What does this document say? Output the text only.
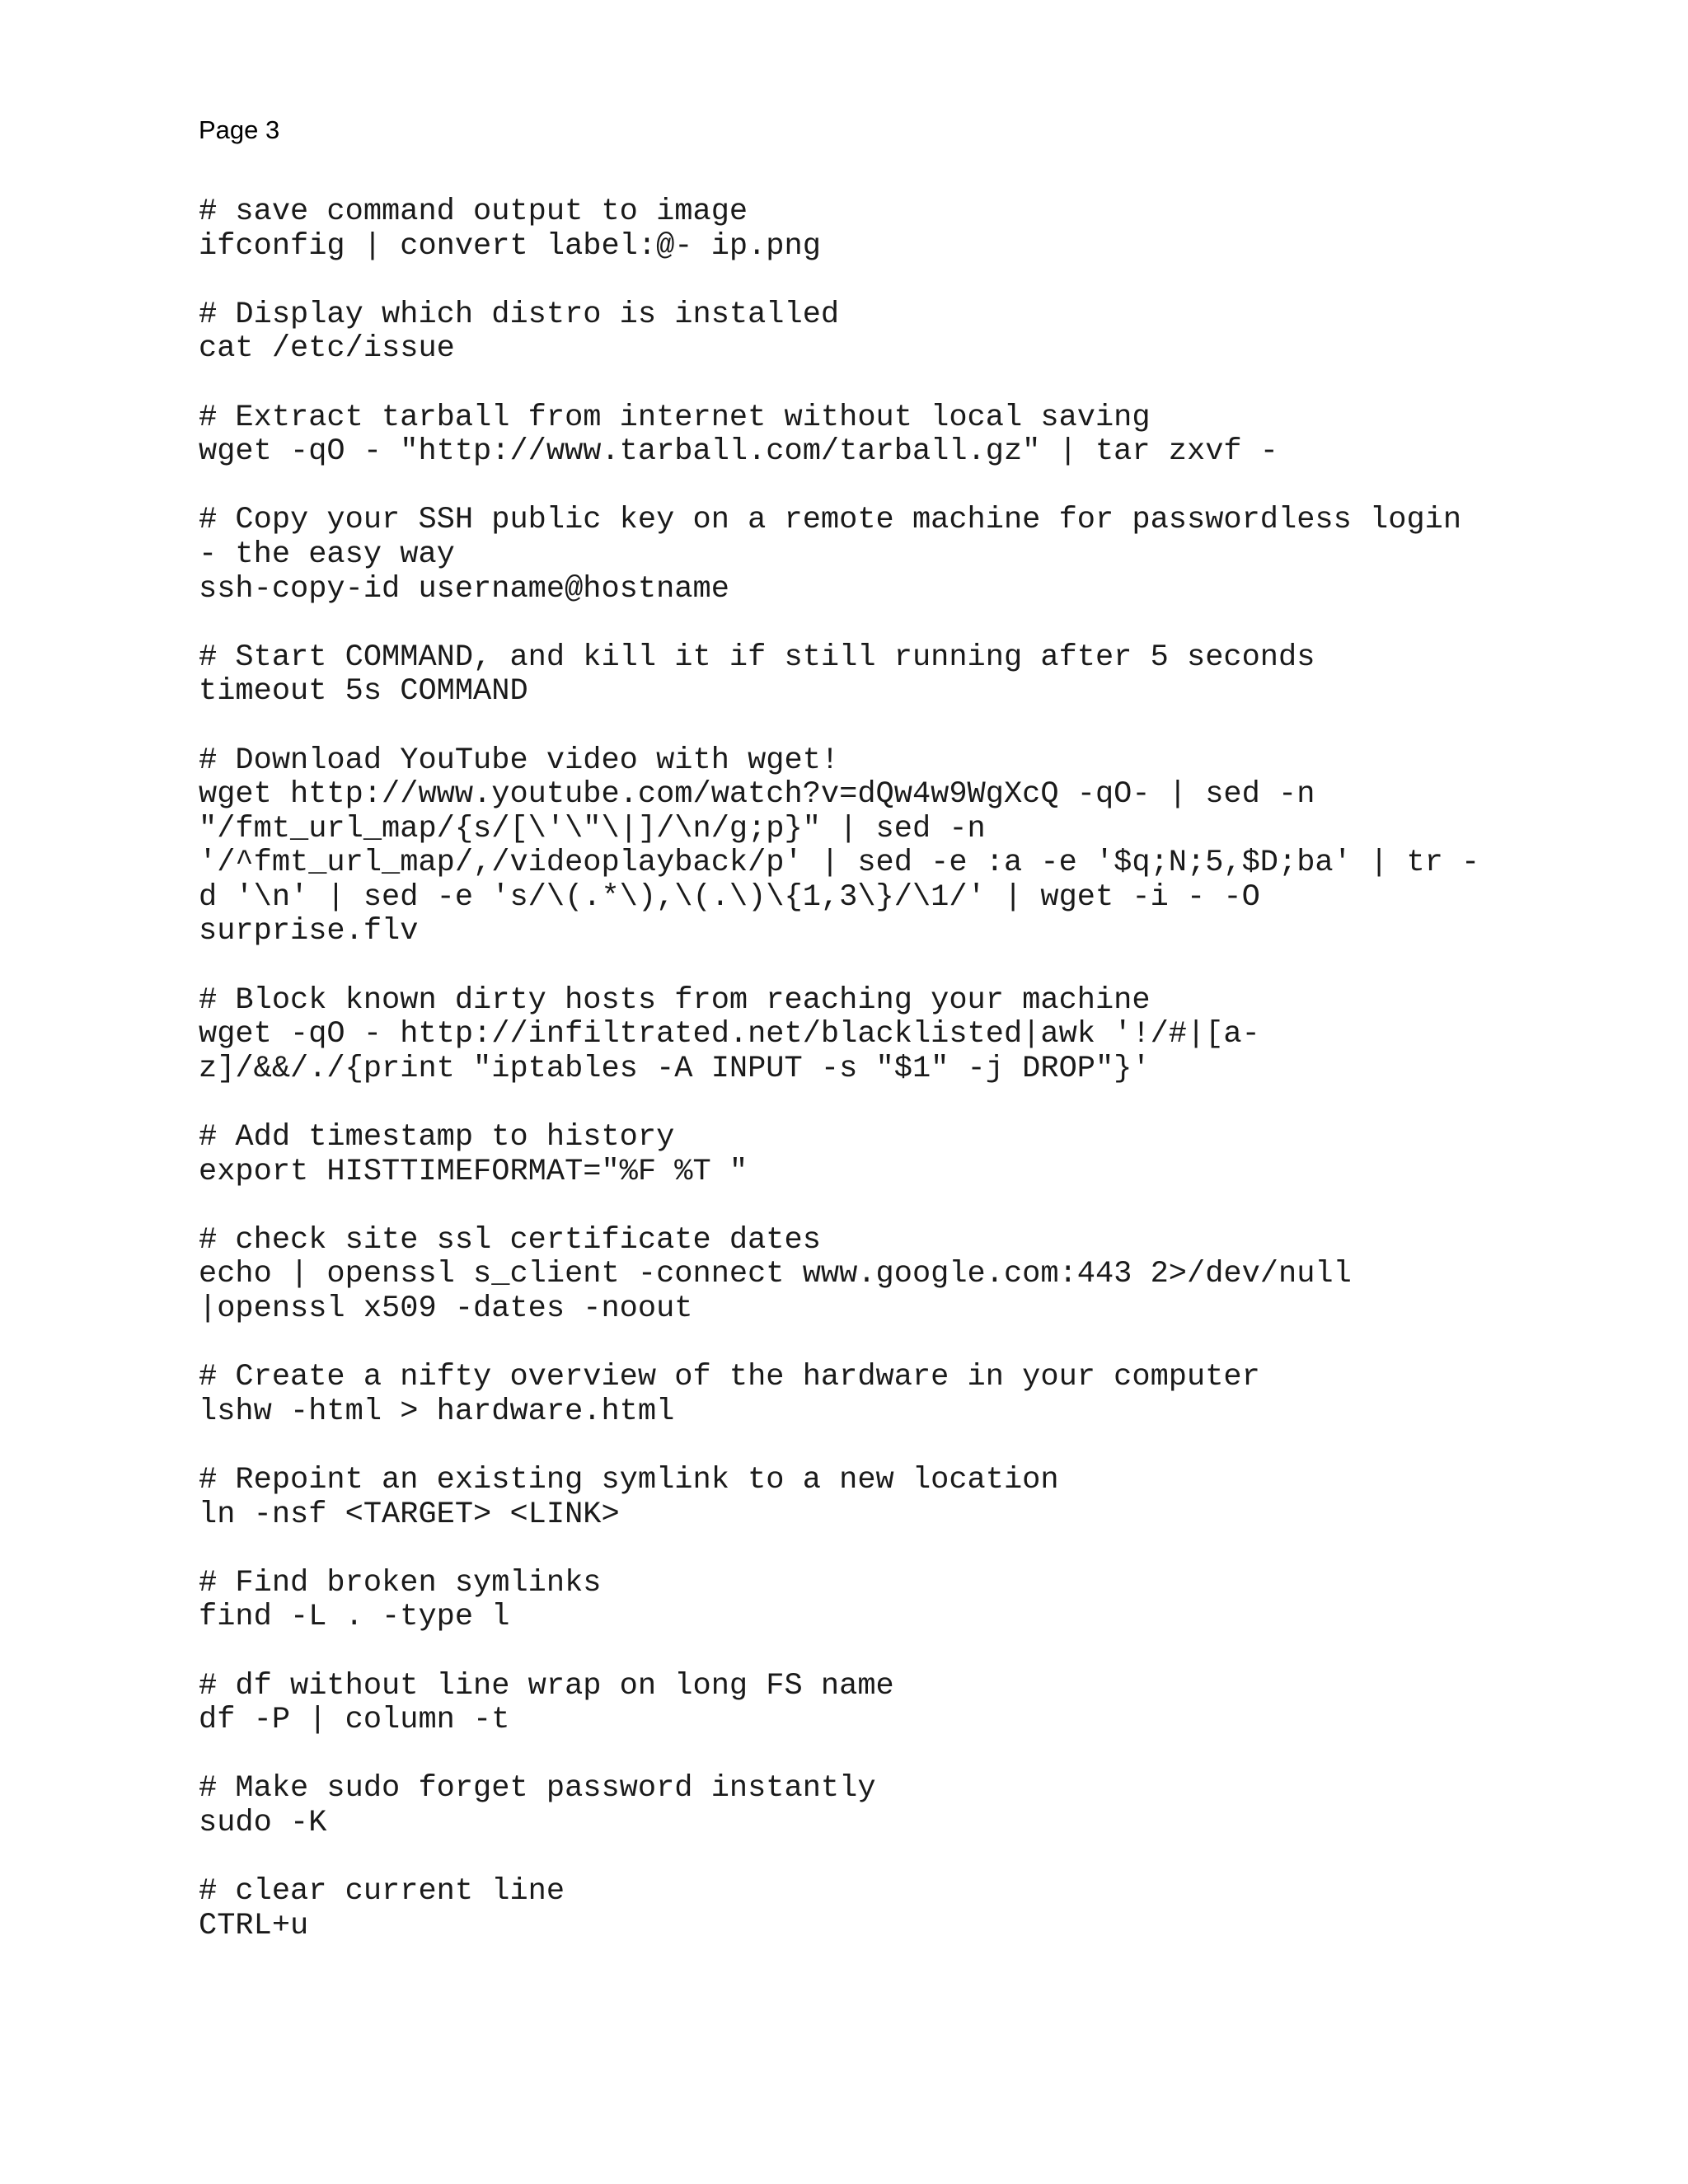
Page 3
# save command output to image
ifconfig | convert label:@- ip.png
# Display which distro is installed
cat /etc/issue
# Extract tarball from internet without local saving
wget -qO - "http://www.tarball.com/tarball.gz" | tar zxvf -
# Copy your SSH public key on a remote machine for passwordless login
- the easy way
ssh-copy-id username@hostname
# Start COMMAND, and kill it if still running after 5 seconds
timeout 5s COMMAND
# Download YouTube video with wget!
wget http://www.youtube.com/watch?v=dQw4w9WgXcQ -qO- | sed -n
"/fmt_url_map/{s/[\'\"\|]/\n/g;p}" | sed -n
'/^fmt_url_map/,/videoplayback/p' | sed -e :a -e '$q;N;5,$D;ba' | tr -
d '\n' | sed -e 's/\(.*\),\(.\)\{1,3\}/\1/' | wget -i - -O
surprise.flv
# Block known dirty hosts from reaching your machine
wget -qO - http://infiltrated.net/blacklisted|awk '!/#|[a-
z]/&&/./{print "iptables -A INPUT -s "$1" -j DROP"}'
# Add timestamp to history
export HISTTIMEFORMAT="%F %T "
# check site ssl certificate dates
echo | openssl s_client -connect www.google.com:443 2>/dev/null
|openssl x509 -dates -noout
# Create a nifty overview of the hardware in your computer
lshw -html > hardware.html
# Repoint an existing symlink to a new location
ln -nsf <TARGET> <LINK>
# Find broken symlinks
find -L . -type l
# df without line wrap on long FS name
df -P | column -t
# Make sudo forget password instantly
sudo -K
# clear current line
CTRL+u
